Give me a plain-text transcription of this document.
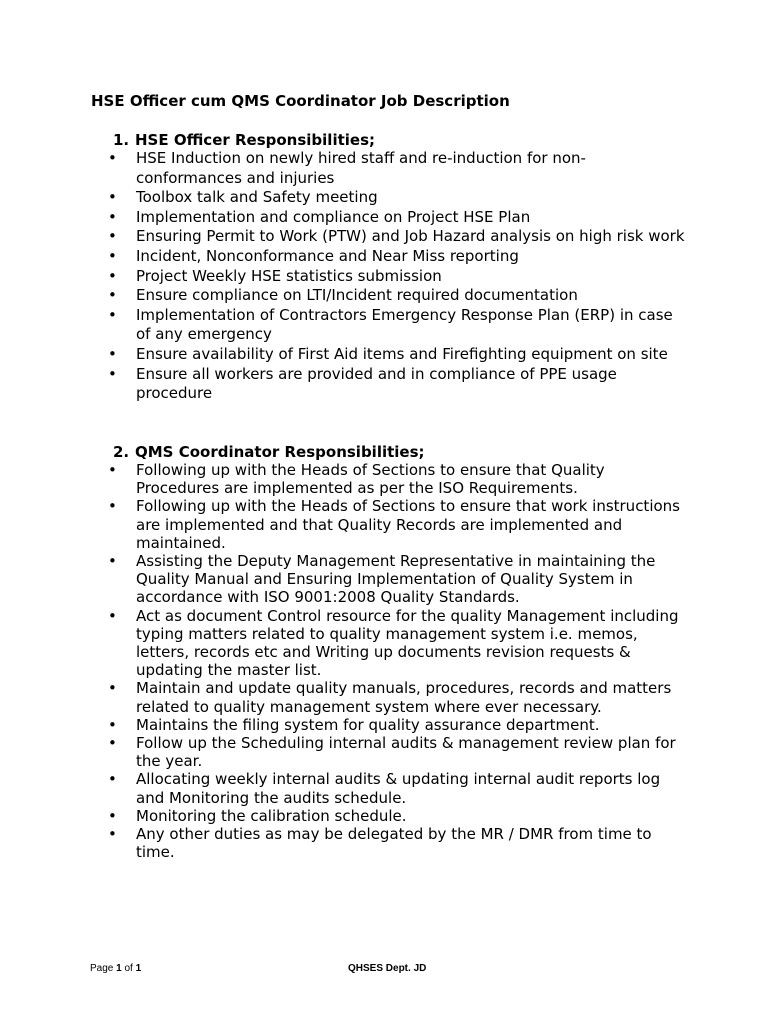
HSE Officer cum QMS Coordinator Job Description
1. HSE Officer Responsibilities;
•	HSE Induction on newly hired staff and re-induction for non-conformances and injuries
•	Toolbox talk and Safety meeting
•	Implementation and compliance on Project HSE Plan
•	Ensuring Permit to Work (PTW) and Job Hazard analysis on high risk work
•	Incident, Nonconformance and Near Miss reporting
•	Project Weekly HSE statistics submission
•	Ensure compliance on LTI/Incident required documentation
•	Implementation of Contractors Emergency Response Plan (ERP) in case of any emergency
•	Ensure availability of First Aid items and Firefighting equipment on site
•	Ensure all workers are provided and in compliance of PPE usage procedure
2. QMS Coordinator Responsibilities;
•	Following up with the Heads of Sections to ensure that Quality Procedures are implemented as per the ISO Requirements.
•	Following up with the Heads of Sections to ensure that work instructions are implemented and that Quality Records are implemented and maintained.
•	Assisting the Deputy Management Representative in maintaining the Quality Manual and Ensuring Implementation of Quality System in accordance with ISO 9001:2008 Quality Standards.
•	Act as document Control resource for the quality Management including typing matters related to quality management system i.e. memos, letters, records etc and Writing up documents revision requests & updating the master list.
•	Maintain and update quality manuals, procedures, records and matters related to quality management system where ever necessary.
•	Maintains the filing system for quality assurance department.
•	Follow up the Scheduling internal audits & management review plan for the year.
•	Allocating weekly internal audits & updating internal audit reports log and Monitoring the audits schedule.
•	Monitoring the calibration schedule.
•	Any other duties as may be delegated by the MR / DMR from time to time.
Page 1 of 1	QHSES Dept. JD
